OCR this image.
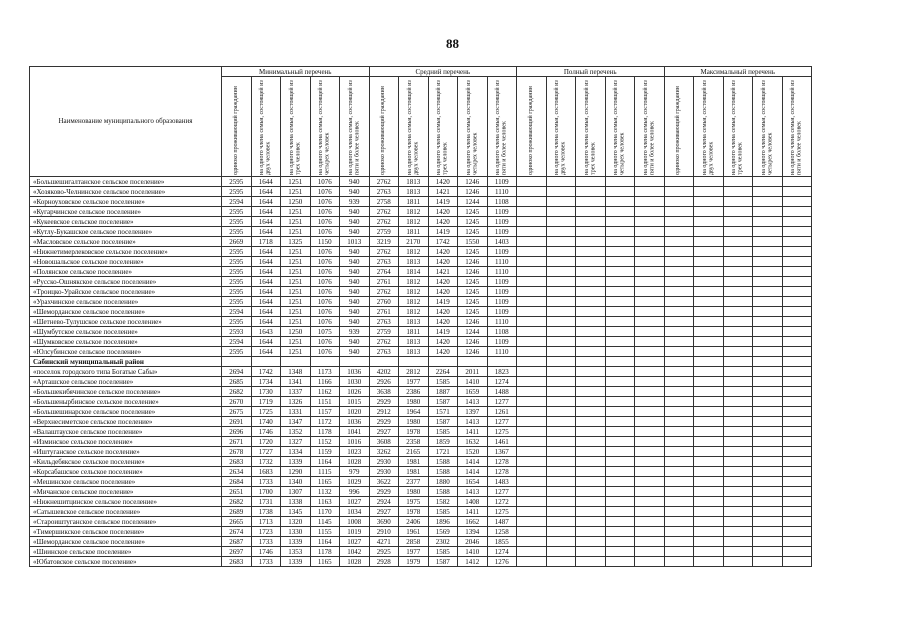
88
Наименование муниципального образования	Минимальный перечень					Средний перечень					Полный перечень					Максимальный перечень				

	одиноко проживающий гражданин	на одного члена семьи, состоящей из двух человек	на одного члена семьи, состоящей из трех человек	на одного члена семьи, состоящей из четырех человек	на одного члена семьи, состоящей из пяти и более человек	одиноко проживающий гражданин	на одного члена семьи, состоящей из двух человек	на одного члена семьи, состоящей из трех человек	на одного члена семьи, состоящей из четырех человек	на одного члена семьи, состоящей из пяти и более человек	одиноко проживающий гражданин	на одного члена семьи, состоящей из двух человек	на одного члена семьи, состоящей из трех человек	на одного члена семьи, состоящей из четырех человек	на одного члена семьи, состоящей из пяти и более человек	одиноко проживающий гражданин	на одного члена семьи, состоящей из двух человек	на одного члена семьи, состоящей из трех человек	на одного члена семьи, состоящей из четырех человек	на одного члена семьи, состоящей из пяти и более человек

«Большешигалтанское сельское поселение»	2595	1644	1251	1076	940	2762	1813	1420	1246	1109										
«Хозяково-Челнинское сельское поселение»	2595	1644	1251	1076	940	2763	1813	1421	1246	1110										
«Корноуховское сельское поселение»	2594	1644	1250	1076	939	2758	1811	1419	1244	1108										
«Кугарчинское сельское поселение»	2595	1644	1251	1076	940	2762	1812	1420	1245	1109										
«Кукеевское сельское поселение»	2595	1644	1251	1076	940	2762	1812	1420	1245	1109										
«Кутлу-Букашское сельское поселение»	2595	1644	1251	1076	940	2759	1811	1419	1245	1109										
«Масловское сельское поселение»	2669	1718	1325	1150	1013	3219	2170	1742	1550	1403										
«Нижнетимерлековское сельское поселение»	2595	1644	1251	1076	940	2762	1812	1420	1245	1109										
«Новошальское сельское поселение»	2595	1644	1251	1076	940	2763	1813	1420	1246	1110										
«Полянское сельское поселение»	2595	1644	1251	1076	940	2764	1814	1421	1246	1110										
«Русско-Ошнякское сельское поселение»	2595	1644	1251	1076	940	2761	1812	1420	1245	1109										
«Троицко-Урайское сельское поселение»	2595	1644	1251	1076	940	2762	1812	1420	1245	1109										
«Урахчинское сельское поселение»	2595	1644	1251	1076	940	2760	1812	1419	1245	1109										
«Шеморданское сельское поселение»	2594	1644	1251	1076	940	2761	1812	1420	1245	1109										
«Шетнево-Тулушское сельское поселение»	2595	1644	1251	1076	940	2763	1813	1420	1246	1110										
«Шумбутское сельское поселение»	2593	1643	1250	1075	939	2759	1811	1419	1244	1108										
«Шумковское сельское поселение»	2594	1644	1251	1076	940	2762	1813	1420	1246	1109										
«Юлсубинское сельское поселение»	2595	1644	1251	1076	940	2763	1813	1420	1246	1110										
Сабинский муниципальный район																				
«поселок городского типа Богатые Сабы»	2694	1742	1348	1173	1036	4202	2812	2264	2011	1823										
«Арташское сельское поселение»	2685	1734	1341	1166	1030	2926	1977	1585	1410	1274										
«Большекибячинское сельское поселение»	2682	1730	1337	1162	1026	3638	2386	1887	1659	1488										
«Большенырбинское сельское поселение»	2670	1719	1326	1151	1015	2929	1980	1587	1413	1277										
«Большешинарское сельское поселение»	2675	1725	1331	1157	1020	2912	1964	1571	1397	1261										
«Верхнесиметское сельское поселение»	2691	1740	1347	1172	1036	2929	1980	1587	1413	1277										
«Валаштауское сельское поселение»	2696	1746	1352	1178	1041	2927	1978	1585	1411	1275										
«Изминское сельское поселение»	2671	1720	1327	1152	1016	3608	2358	1859	1632	1461										
«Иштуганское сельское поселение»	2678	1727	1334	1159	1023	3262	2165	1721	1520	1367										
«Кильдебякское сельское поселение»	2683	1732	1339	1164	1028	2930	1981	1588	1414	1278										
«Корсабашское сельское поселение»	2634	1683	1290	1115	979	2930	1981	1588	1414	1278										
«Мешинское сельское поселение»	2684	1733	1340	1165	1029	3622	2377	1880	1654	1483										
«Мичанское сельское поселение»	2651	1700	1307	1132	996	2929	1980	1588	1413	1277										
«Нижнешитцинское сельское поселение»	2682	1731	1338	1163	1027	2924	1975	1582	1408	1272										
«Сатышевское сельское поселение»	2689	1738	1345	1170	1034	2927	1978	1585	1411	1275										
«Староиштуганское сельское поселение»	2665	1713	1320	1145	1008	3690	2406	1896	1662	1487										
«Тимершикское сельское поселение»	2674	1723	1330	1155	1019	2910	1961	1569	1394	1258										
«Шеморданское сельское поселение»	2687	1733	1339	1164	1027	4271	2858	2302	2046	1855										
«Шиинское сельское поселение»	2697	1746	1353	1178	1042	2925	1977	1585	1410	1274										
«Юбатовское сельское поселение»	2683	1733	1339	1165	1028	2928	1979	1587	1412	1276										
